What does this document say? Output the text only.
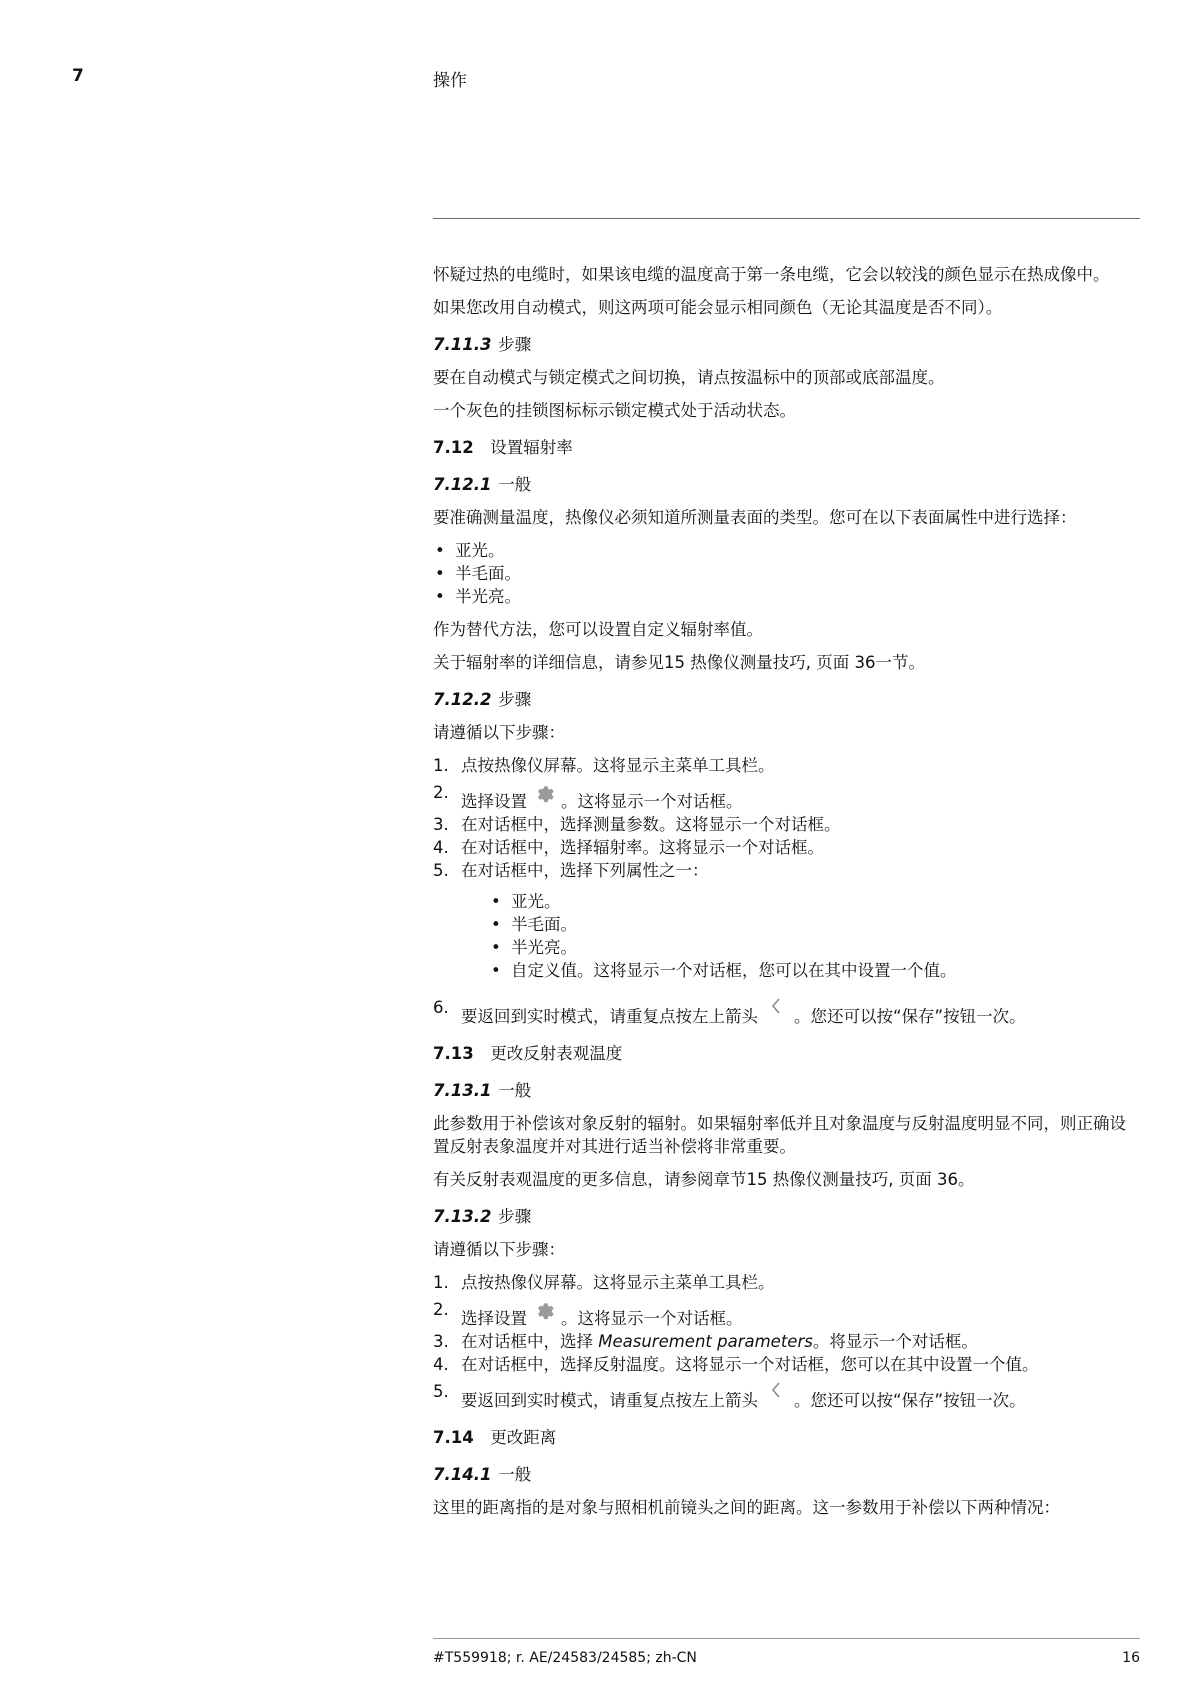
7	操作

怀疑过热的电缆时，如果该电缆的温度高于第一条电缆，它会以较浅的颜色显示在热成像中。

如果您改用自动模式，则这两项可能会显示相同颜色（无论其温度是否不同）。

7.11.3 步骤

要在自动模式与锁定模式之间切换，请点按温标中的顶部或底部温度。

一个灰色的挂锁图标标示锁定模式处于活动状态。

7.12 设置辐射率
7.12.1 一般

要准确测量温度，热像仪必须知道所测量表面的类型。您可在以下表面属性中进行选择：

• 亚光。
• 半毛面。
• 半光亮。

作为替代方法，您可以设置自定义辐射率值。

关于辐射率的详细信息，请参见15 热像仪测量技巧, 页面 36一节。

7.12.2 步骤

请遵循以下步骤：

1. 点按热像仪屏幕。这将显示主菜单工具栏。
2. 选择设置 。这将显示一个对话框。
3. 在对话框中，选择测量参数。这将显示一个对话框。
4. 在对话框中，选择辐射率。这将显示一个对话框。
5. 在对话框中，选择下列属性之一：
• 亚光。
• 半毛面。
• 半光亮。
• 自定义值。这将显示一个对话框，您可以在其中设置一个值。
6. 要返回到实时模式，请重复点按左上箭头 。您还可以按“保存”按钮一次。
7.13 更改反射表观温度
7.13.1 一般

此参数用于补偿该对象反射的辐射。如果辐射率低并且对象温度与反射温度明显不同，则正确设置反射表象温度并对其进行适当补偿将非常重要。

有关反射表观温度的更多信息，请参阅章节15 热像仪测量技巧, 页面 36。

7.13.2 步骤

请遵循以下步骤：

1. 点按热像仪屏幕。这将显示主菜单工具栏。
2. 选择设置 。这将显示一个对话框。
3. 在对话框中，选择 Measurement parameters。将显示一个对话框。
4. 在对话框中，选择反射温度。这将显示一个对话框，您可以在其中设置一个值。
5. 要返回到实时模式，请重复点按左上箭头 。您还可以按“保存”按钮一次。
7.14 更改距离
7.14.1 一般

这里的距离指的是对象与照相机前镜头之间的距离。这一参数用于补偿以下两种情况：

#T559918; r. AE/24583/24585; zh-CN	16
